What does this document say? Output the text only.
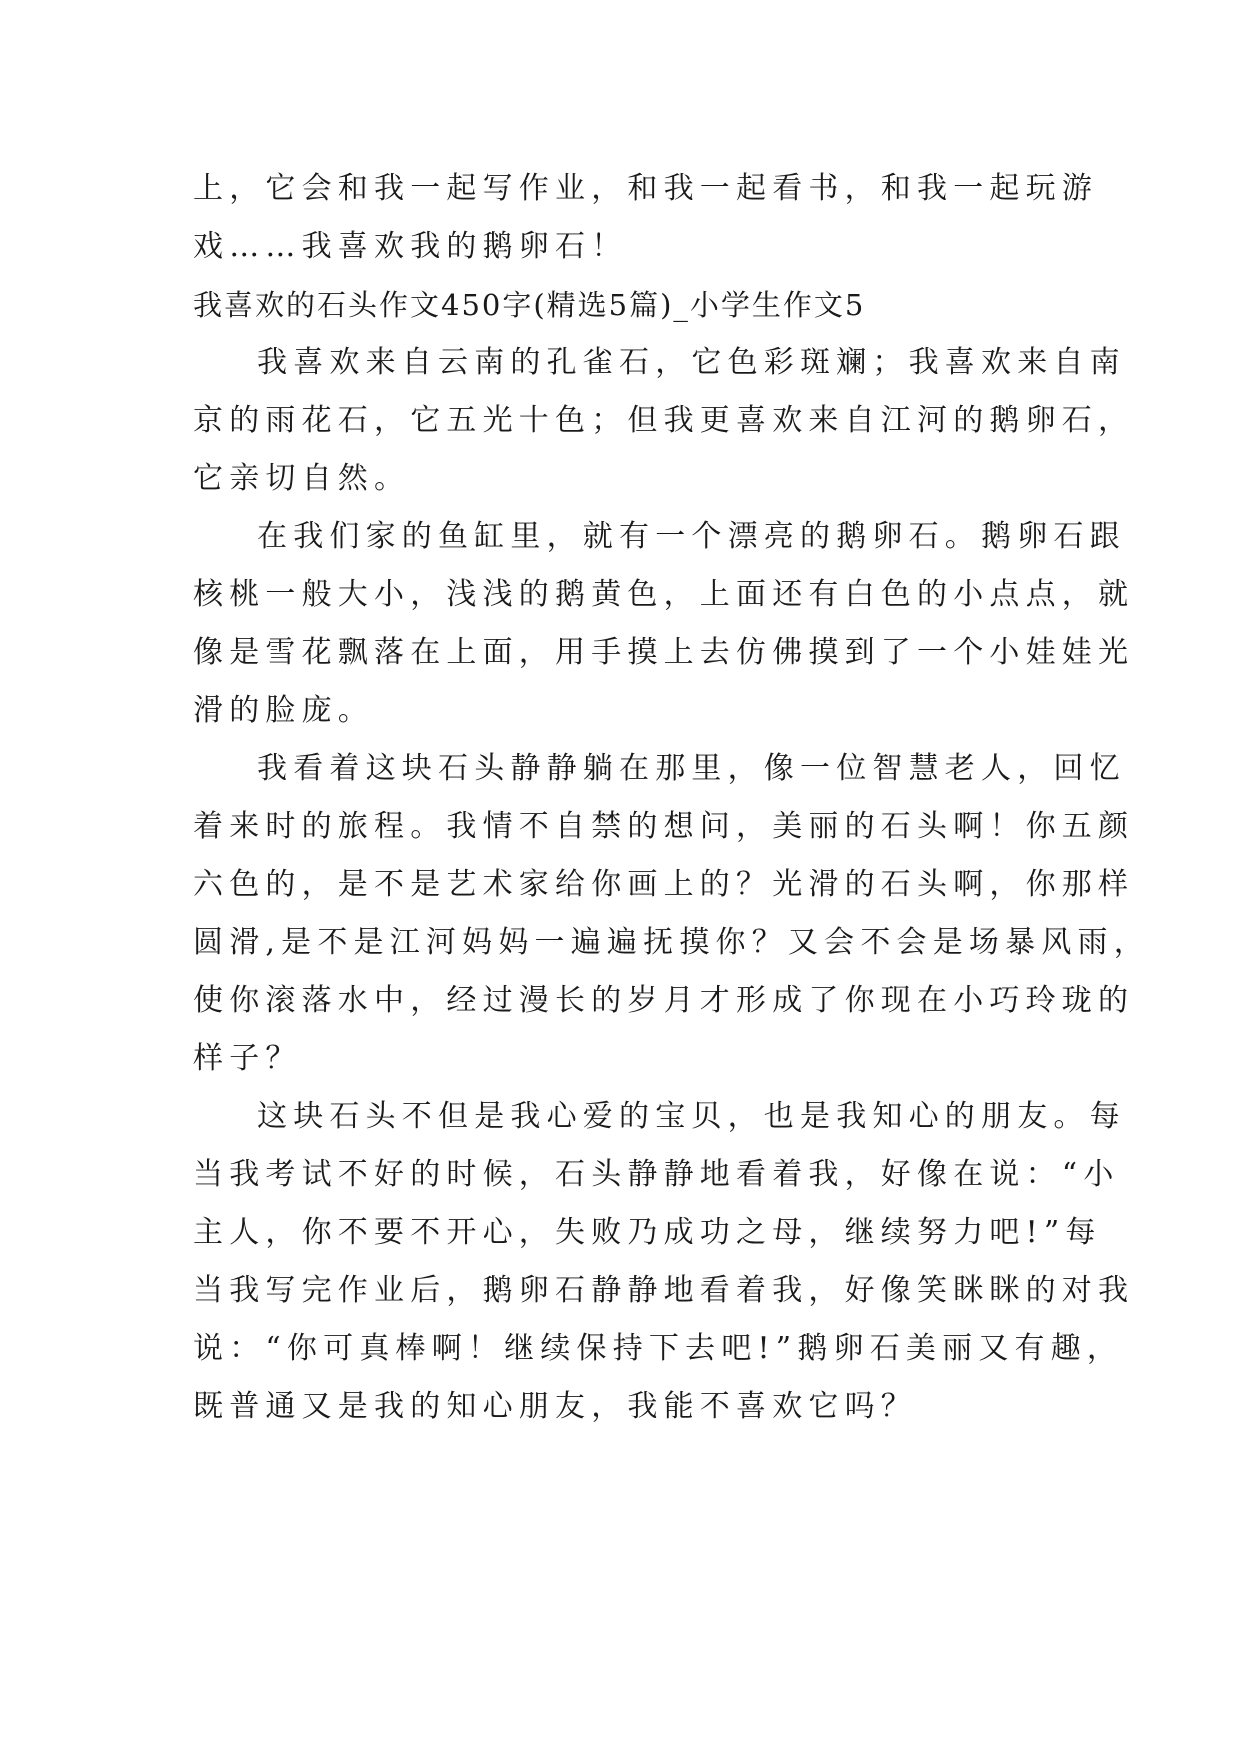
上，它会和我一起写作业，和我一起看书，和我一起玩游
戏……我喜欢我的鹅卵石！
我喜欢的石头作文450字(精选5篇)_小学生作文5
我喜欢来自云南的孔雀石，它色彩斑斓；我喜欢来自南
京的雨花石，它五光十色；但我更喜欢来自江河的鹅卵石，
它亲切自然。
在我们家的鱼缸里，就有一个漂亮的鹅卵石。鹅卵石跟
核桃一般大小，浅浅的鹅黄色，上面还有白色的小点点，就
像是雪花飘落在上面，用手摸上去仿佛摸到了一个小娃娃光
滑的脸庞。
我看着这块石头静静躺在那里，像一位智慧老人，回忆
着来时的旅程。我情不自禁的想问，美丽的石头啊！你五颜
六色的，是不是艺术家给你画上的？光滑的石头啊，你那样
圆滑,是不是江河妈妈一遍遍抚摸你？又会不会是场暴风雨，
使你滚落水中，经过漫长的岁月才形成了你现在小巧玲珑的
样子？
这块石头不但是我心爱的宝贝，也是我知心的朋友。每
当我考试不好的时候，石头静静地看着我，好像在说：“小
主人，你不要不开心，失败乃成功之母，继续努力吧!”每
当我写完作业后，鹅卵石静静地看着我，好像笑眯眯的对我
说：“你可真棒啊！继续保持下去吧!”鹅卵石美丽又有趣，
既普通又是我的知心朋友，我能不喜欢它吗？
